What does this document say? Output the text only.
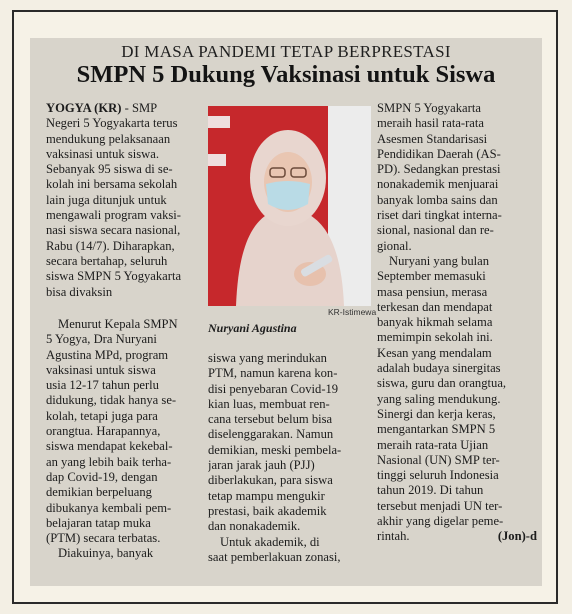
DI MASA PANDEMI TETAP BERPRESTASI
SMPN 5 Dukung Vaksinasi untuk Siswa
YOGYA (KR) - SMP
Negeri 5 Yogyakarta terus
mendukung pelaksanaan
vaksinasi untuk siswa.
Sebanyak 95 siswa di se-
kolah ini bersama sekolah
lain juga ditunjuk untuk
mengawali program vaksi-
nasi siswa secara nasional,
Rabu (14/7). Diharapkan,
secara bertahap, seluruh
siswa SMPN 5 Yogyakarta
bisa divaksin
Menurut Kepala SMPN
5 Yogya, Dra Nuryani
Agustina MPd, program
vaksinasi untuk siswa
usia 12-17 tahun perlu
didukung, tidak hanya se-
kolah, tetapi juga para
orangtua. Harapannya,
siswa mendapat kekebal-
an yang lebih baik terha-
dap Covid-19, dengan
demikian berpeluang
dibukanya kembali pem-
belajaran tatap muka
(PTM) secara terbatas.
Diakuinya, banyak
KR-Istimewa
Nuryani Agustina
siswa yang merindukan
PTM, namun karena kon-
disi penyebaran Covid-19
kian luas, membuat ren-
cana tersebut belum bisa
diselenggarakan. Namun
demikian, meski pembela-
jaran jarak jauh (PJJ)
diberlakukan, para siswa
tetap mampu mengukir
prestasi, baik akademik
dan nonakademik.
Untuk akademik, di
saat pemberlakuan zonasi,
SMPN 5 Yogyakarta
meraih hasil rata-rata
Asesmen Standarisasi
Pendidikan Daerah (AS-
PD). Sedangkan prestasi
nonakademik menjuarai
banyak lomba sains dan
riset dari tingkat interna-
sional, nasional dan re-
gional.
Nuryani yang bulan
September memasuki
masa pensiun, merasa
terkesan dan mendapat
banyak hikmah selama
memimpin sekolah ini.
Kesan yang mendalam
adalah budaya sinergitas
siswa, guru dan orangtua,
yang saling mendukung.
Sinergi dan kerja keras,
mengantarkan SMPN 5
meraih rata-rata Ujian
Nasional (UN) SMP ter-
tinggi seluruh Indonesia
tahun 2019. Di tahun
tersebut menjadi UN ter-
akhir yang digelar peme-
rintah.	(Jon)-d
